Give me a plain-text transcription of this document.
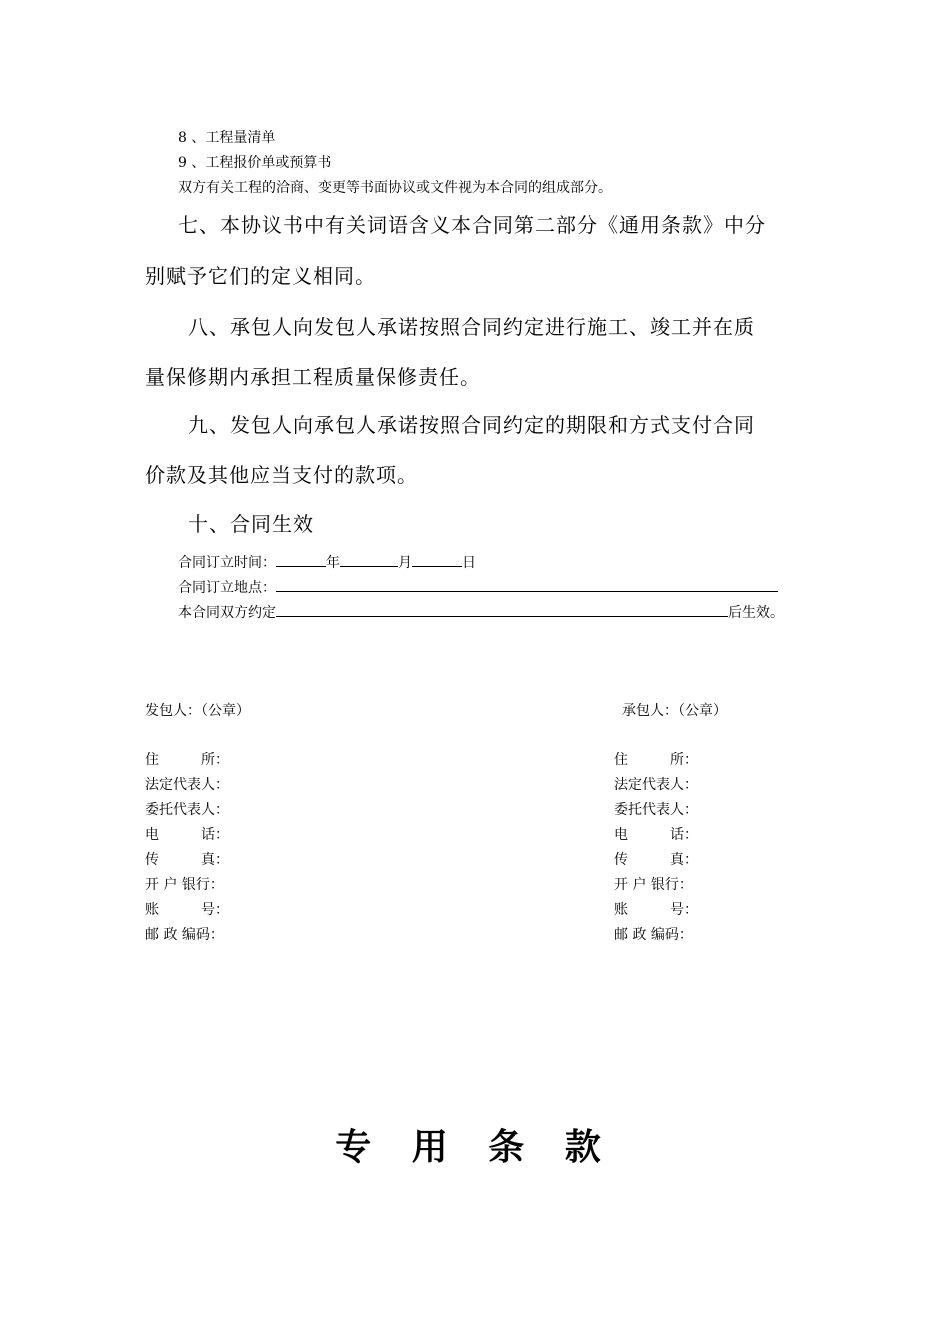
8 、工程量清单
9 、工程报价单或预算书
双方有关工程的洽商、变更等书面协议或文件视为本合同的组成部分。
七、本协议书中有关词语含义本合同第二部分《通用条款》中分
别赋予它们的定义相同。
八、承包人向发包人承诺按照合同约定进行施工、竣工并在质
量保修期内承担工程质量保修责任。
九、发包人向承包人承诺按照合同约定的期限和方式支付合同
价款及其他应当支付的款项。
十、合同生效
合同订立时间：	年	月	日
合同订立地点：
本合同双方约定	后生效。
发包人：（公章）
住　　　所：
法定代表人：
委托代表人：
电　　　话：
传　　　真：
开 户 银行：
账　　　号：
邮 政 编码：
承包人：（公章）
住　　　所：
法定代表人：
委托代表人：
电　　　话：
传　　　真：
开 户 银行：
账　　　号：
邮 政 编码：
专 用 条 款
